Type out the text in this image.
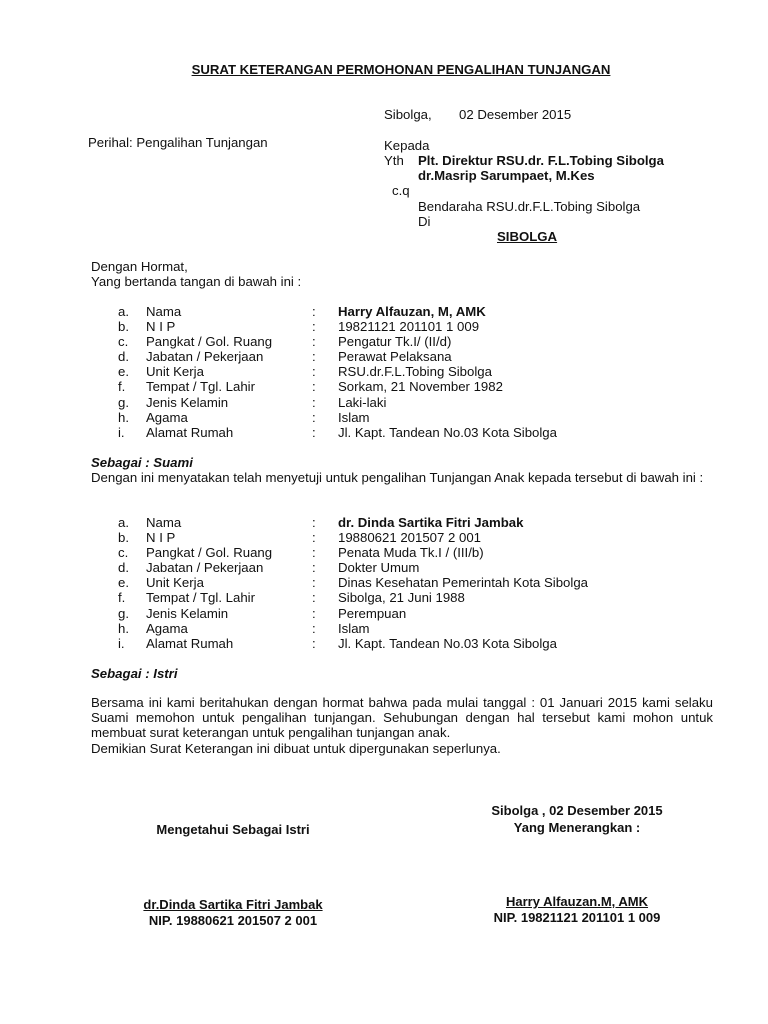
SURAT KETERANGAN PERMOHONAN PENGALIHAN TUNJANGAN
Sibolga, 02 Desember 2015
Perihal: Pengalihan Tunjangan	Kepada
Yth Plt. Direktur RSU.dr. F.L.Tobing Sibolga
dr.Masrip Sarumpaet, M.Kes
c.q
Bendaraha RSU.dr.F.L.Tobing Sibolga
Di
SIBOLGA
Dengan Hormat,
Yang bertanda tangan di bawah ini :
a. Nama	: Harry Alfauzan, M, AMK
b. N I P	: 19821121 201101 1 009
c. Pangkat / Gol. Ruang	: Pengatur Tk.I/ (II/d)
d. Jabatan / Pekerjaan	: Perawat Pelaksana
e. Unit Kerja	: RSU.dr.F.L.Tobing Sibolga
f. Tempat / Tgl. Lahir	: Sorkam, 21 November 1982
g. Jenis Kelamin	: Laki-laki
h. Agama	: Islam
i. Alamat Rumah	: Jl. Kapt. Tandean No.03 Kota Sibolga
Sebagai : Suami
Dengan ini menyatakan telah menyetuji untuk pengalihan Tunjangan Anak kepada tersebut di bawah ini :
a. Nama	: dr. Dinda Sartika Fitri Jambak
b. N I P	: 19880621 201507 2 001
c. Pangkat / Gol. Ruang	: Penata Muda Tk.I / (III/b)
d. Jabatan / Pekerjaan	: Dokter Umum
e. Unit Kerja	: Dinas Kesehatan Pemerintah Kota Sibolga
f. Tempat / Tgl. Lahir	: Sibolga, 21 Juni 1988
g. Jenis Kelamin	: Perempuan
h. Agama	: Islam
i. Alamat Rumah	: Jl. Kapt. Tandean No.03 Kota Sibolga
Sebagai : Istri
Bersama ini kami beritahukan dengan hormat bahwa pada mulai tanggal : 01 Januari 2015 kami selaku Suami memohon untuk pengalihan tunjangan. Sehubungan dengan hal tersebut kami mohon untuk membuat surat keterangan untuk pengalihan tunjangan anak.
Demikian Surat Keterangan ini dibuat untuk dipergunakan seperlunya.
Mengetahui Sebagai Istri
dr.Dinda Sartika Fitri Jambak
NIP. 19880621 201507 2 001
Sibolga , 02 Desember 2015
Yang Menerangkan :
Harry Alfauzan.M, AMK
NIP. 19821121 201101 1 009
